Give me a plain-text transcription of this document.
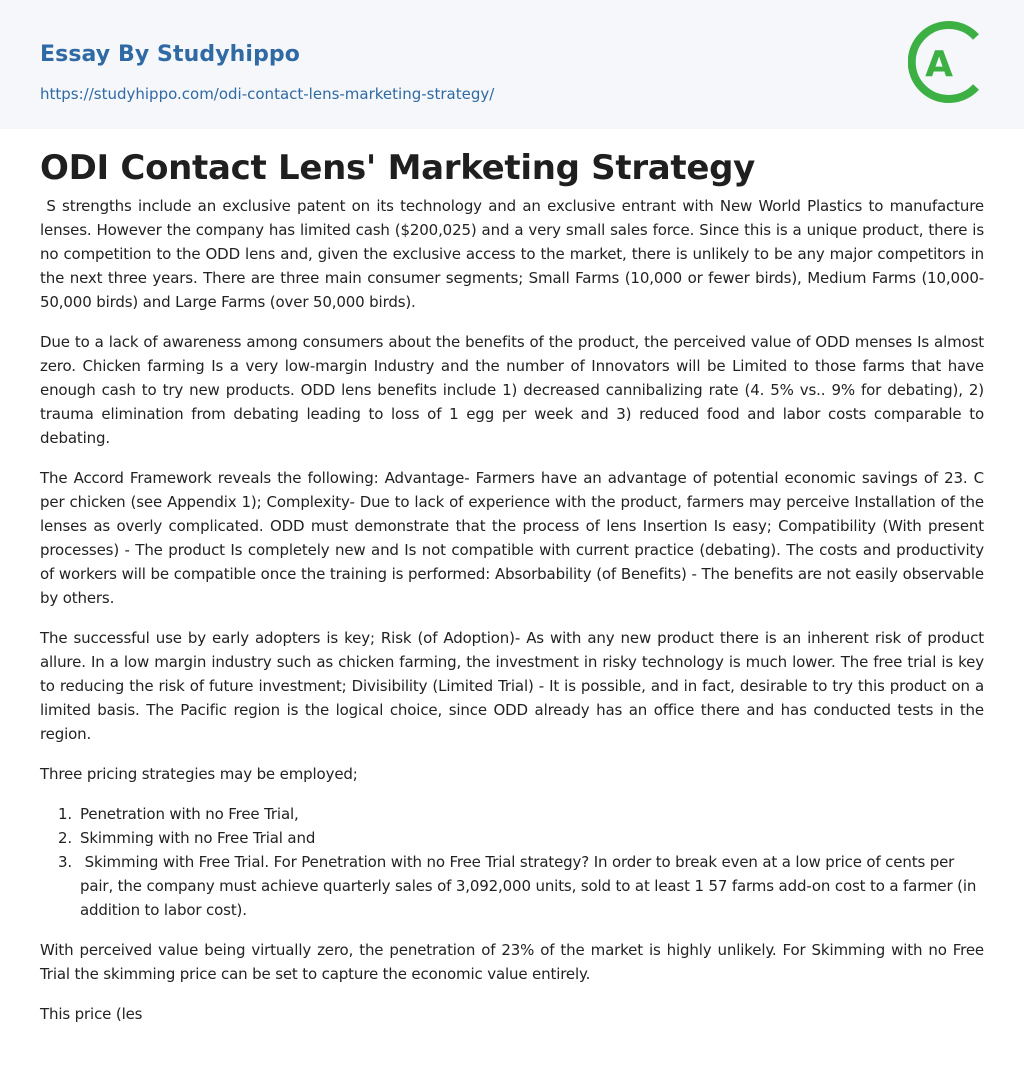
Essay By Studyhippo
https://studyhippo.com/odi-contact-lens-marketing-strategy/
A
ODI Contact Lens' Marketing Strategy

S strengths include an exclusive patent on its technology and an exclusive entrant with New World Plastics to manufacture lenses. However the company has limited cash ($200,025) and a very small sales force. Since this is a unique product, there is no competition to the ODD lens and, given the exclusive access to the market, there is unlikely to be any major competitors in the next three years. There are three main consumer segments; Small Farms (10,000 or fewer birds), Medium Farms (10,000-50,000 birds) and Large Farms (over 50,000 birds).

Due to a lack of awareness among consumers about the benefits of the product, the perceived value of ODD menses Is almost zero. Chicken farming Is a very low-margin Industry and the number of Innovators will be Limited to those farms that have enough cash to try new products. ODD lens benefits include 1) decreased cannibalizing rate (4. 5% vs.. 9% for debating), 2) trauma elimination from debating leading to loss of 1 egg per week and 3) reduced food and labor costs comparable to debating.

The Accord Framework reveals the following: Advantage- Farmers have an advantage of potential economic savings of 23. C per chicken (see Appendix 1); Complexity- Due to lack of experience with the product, farmers may perceive Installation of the lenses as overly complicated. ODD must demonstrate that the process of lens Insertion Is easy; Compatibility (With present processes) - The product Is completely new and Is not compatible with current practice (debating). The costs and productivity of workers will be compatible once the training is performed: Absorbability (of Benefits) - The benefits are not easily observable by others.

The successful use by early adopters is key; Risk (of Adoption)- As with any new product there is an inherent risk of product allure. In a low margin industry such as chicken farming, the investment in risky technology is much lower. The free trial is key to reducing the risk of future investment; Divisibility (Limited Trial) - It is possible, and in fact, desirable to try this product on a limited basis. The Pacific region is the logical choice, since ODD already has an office there and has conducted tests in the region.

Three pricing strategies may be employed;

1. Penetration with no Free Trial,
2. Skimming with no Free Trial and
3. Skimming with Free Trial. For Penetration with no Free Trial strategy? In order to break even at a low price of cents per pair, the company must achieve quarterly sales of 3,092,000 units, sold to at least 1 57 farms add-on cost to a farmer (in addition to labor cost).

With perceived value being virtually zero, the penetration of 23% of the market is highly unlikely. For Skimming with no Free Trial the skimming price can be set to capture the economic value entirely.

This price (les
